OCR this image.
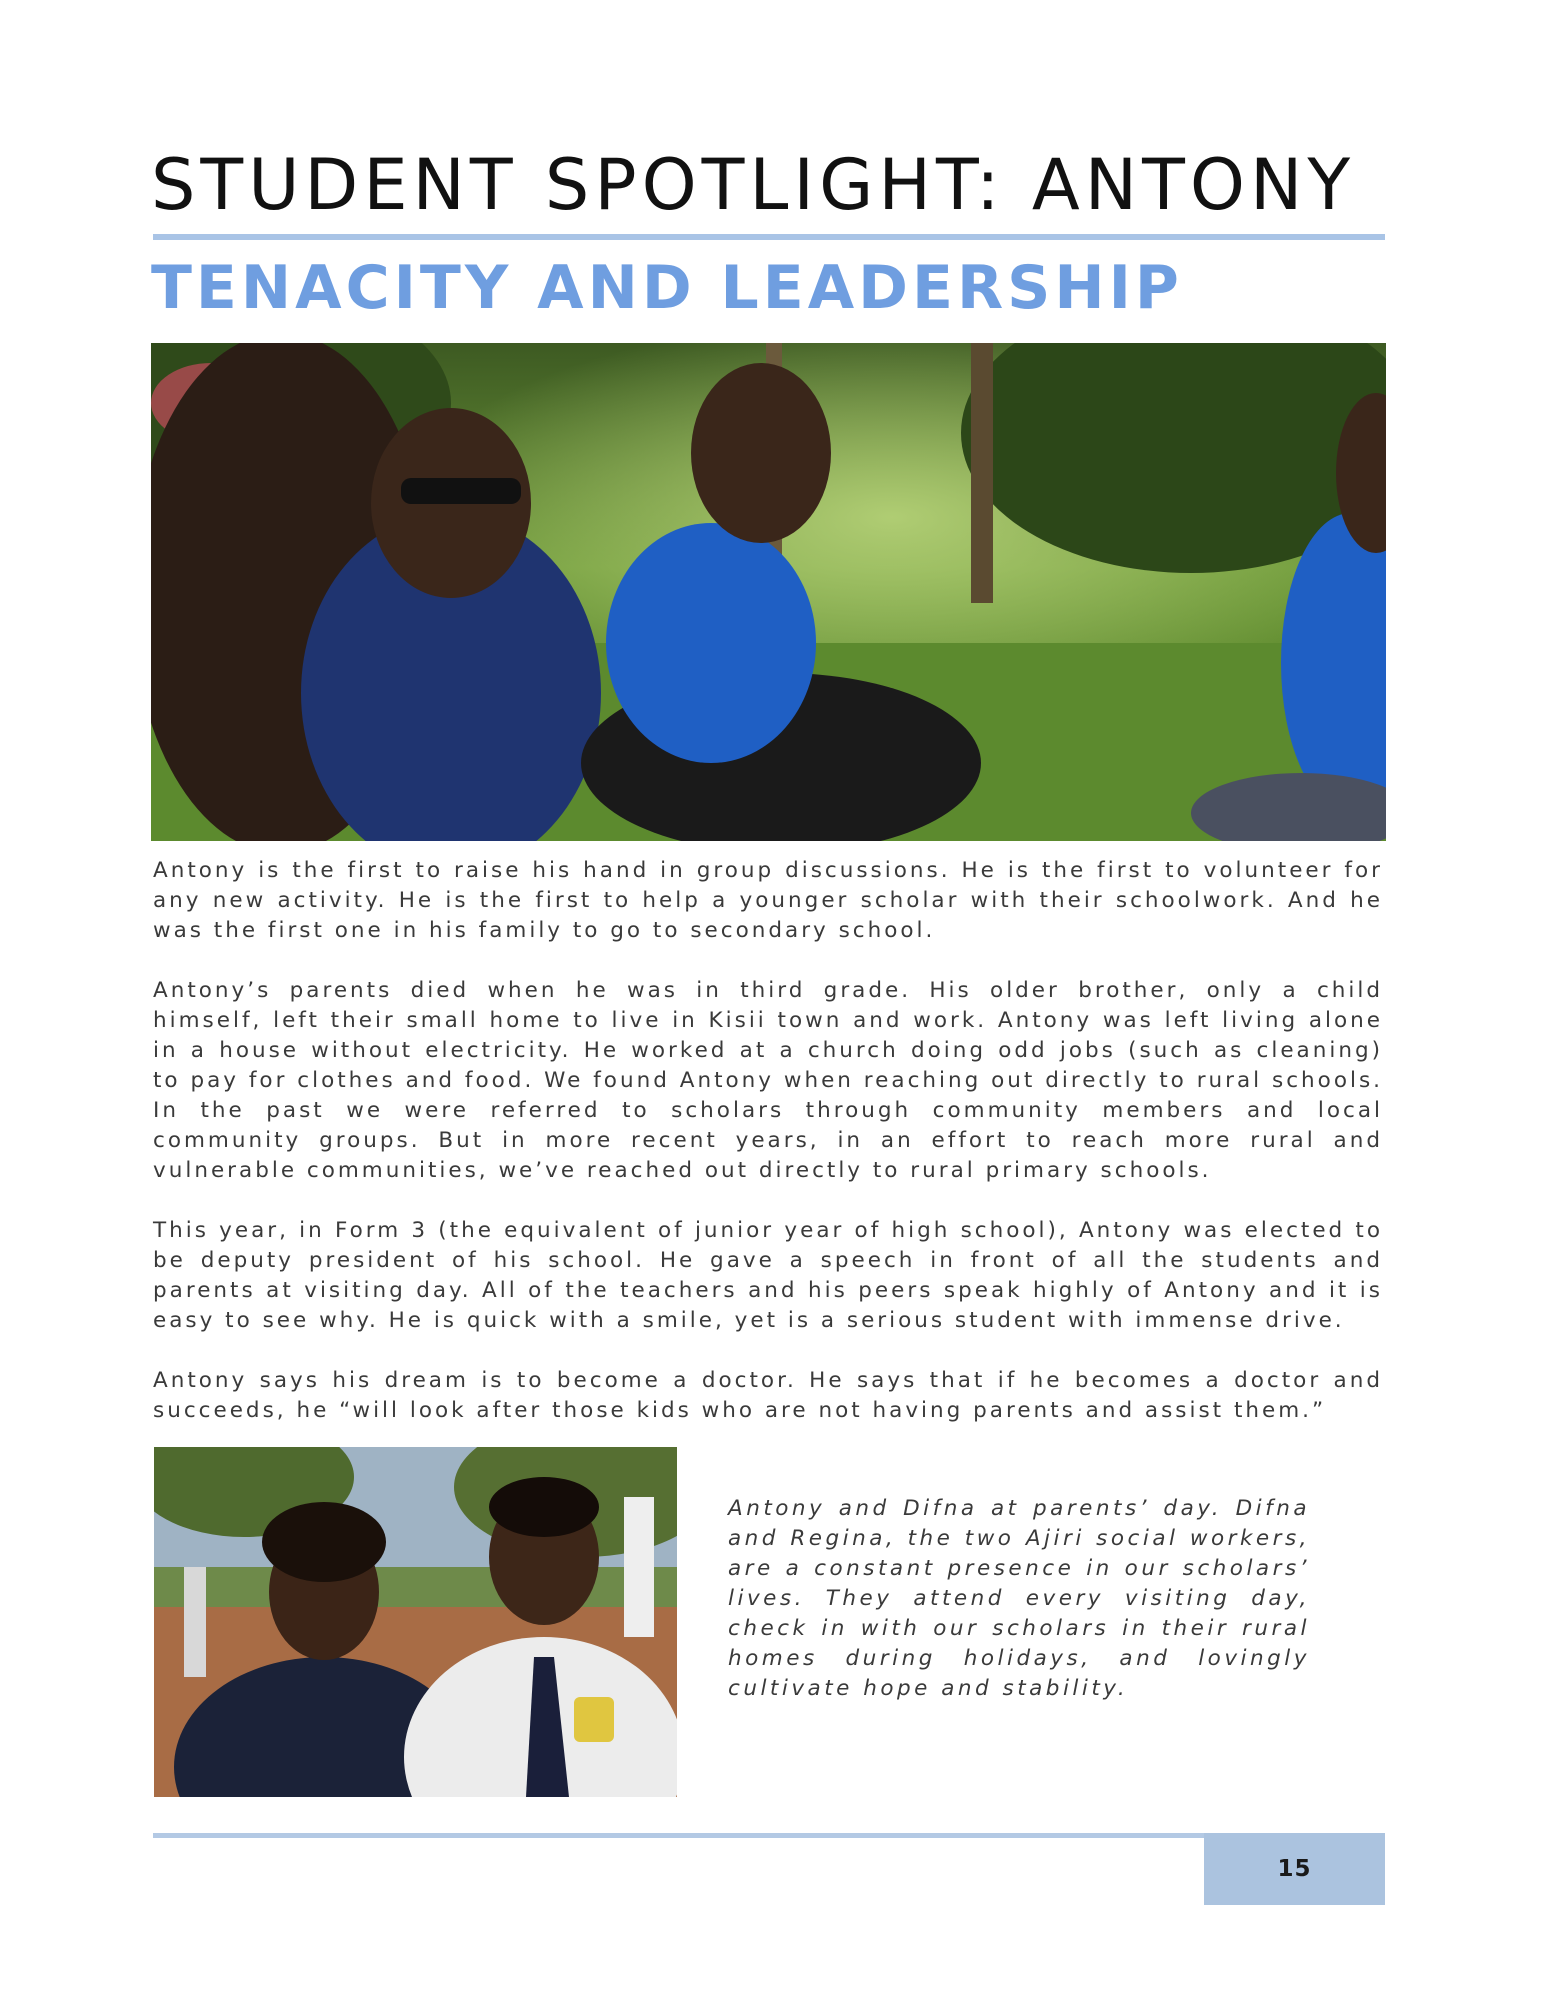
STUDENT SPOTLIGHT: ANTONY
TENACITY AND LEADERSHIP

Antony is the first to raise his hand in group discussions. He is the first to volunteer for any new activity. He is the first to help a younger scholar with their schoolwork. And he was the first one in his family to go to secondary school.

Antony’s parents died when he was in third grade. His older brother, only a child himself, left their small home to live in Kisii town and work. Antony was left living alone in a house without electricity. He worked at a church doing odd jobs (such as cleaning) to pay for clothes and food. We found Antony when reaching out directly to rural schools. In the past we were referred to scholars through community members and local community groups. But in more recent years, in an effort to reach more rural and vulnerable communities, we’ve reached out directly to rural primary schools.

This year, in Form 3 (the equivalent of junior year of high school), Antony was elected to be deputy president of his school. He gave a speech in front of all the students and parents at visiting day. All of the teachers and his peers speak highly of Antony and it is easy to see why. He is quick with a smile, yet is a serious student with immense drive.

Antony says his dream is to become a doctor. He says that if he becomes a doctor and succeeds, he “will look after those kids who are not having parents and assist them.”

Antony and Difna at parents’ day. Difna and Regina, the two Ajiri social workers, are a constant presence in our scholars’ lives. They attend every visiting day, check in with our scholars in their rural homes during holidays, and lovingly cultivate hope and stability.

15
